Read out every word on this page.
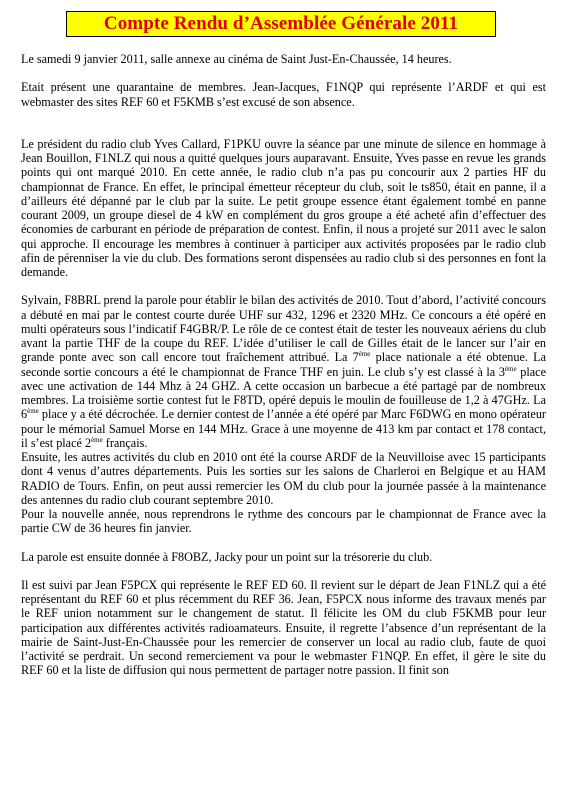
Compte Rendu d’Assemblée Générale 2011

Le samedi 9 janvier 2011, salle annexe au cinéma de Saint Just-En-Chaussée, 14 heures.

Etait présent une quarantaine de membres. Jean-Jacques, F1NQP qui représente l’ARDF et qui est webmaster des sites REF 60 et F5KMB s’est excusé de son absence.

Le président du radio club Yves Callard, F1PKU ouvre la séance par une minute de silence en hommage à Jean Bouillon, F1NLZ qui nous a quitté quelques jours auparavant. Ensuite, Yves passe en revue les grands points qui ont marqué 2010. En cette année, le radio club n’a pas pu concourir aux 2 parties HF du championnat de France. En effet, le principal émetteur récepteur du club, soit le ts850, était en panne, il a d’ailleurs été dépanné par le club par la suite. Le petit groupe essence étant également tombé en panne courant 2009, un groupe diesel de 4 kW en complément du gros groupe a été acheté afin d’effectuer des économies de carburant en période de préparation de contest. Enfin, il nous a projeté sur 2011 avec le salon qui approche. Il encourage les membres à continuer à participer aux activités proposées par le radio club afin de pérenniser la vie du club. Des formations seront dispensées au radio club si des personnes en font la demande.

Sylvain, F8BRL prend la parole pour établir le bilan des activités de 2010. Tout d’abord, l’activité concours a débuté en mai par le contest courte durée UHF sur 432, 1296 et 2320 MHz. Ce concours a été opéré en multi opérateurs sous l’indicatif F4GBR/P. Le rôle de ce contest était de tester les nouveaux aériens du club avant la partie THF de la coupe du REF. L’idée d’utiliser le call de Gilles était de le lancer sur l’air en grande ponte avec son call encore tout fraîchement attribué. La 7ème place nationale a été obtenue. La seconde sortie concours a été le championnat de France THF en juin. Le club s’y est classé à la 3ème place avec une activation de 144 Mhz à 24 GHZ. A cette occasion un barbecue a été partagé par de nombreux membres. La troisième sortie contest fut le F8TD, opéré depuis le moulin de fouilleuse de 1,2 à 47GHz. La 6ème place y a été décrochée. Le dernier contest de l’année a été opéré par Marc F6DWG en mono opérateur pour le mémorial Samuel Morse en 144 MHz. Grace à une moyenne de 413 km par contact et 178 contact, il s’est placé 2ème français.

Ensuite, les autres activités du club en 2010 ont été la course ARDF de la Neuvilloise avec 15 participants dont 4 venus d’autres départements. Puis les sorties sur les salons de Charleroi en Belgique et au HAM RADIO de Tours. Enfin, on peut aussi remercier les OM du club pour la journée passée à la maintenance des antennes du radio club courant septembre 2010.

Pour la nouvelle année, nous reprendrons le rythme des concours par le championnat de France avec la partie CW de 36 heures fin janvier.

La parole est ensuite donnée à F8OBZ, Jacky pour un point sur la trésorerie du club.

Il est suivi par Jean F5PCX qui représente le REF ED 60. Il revient sur le départ de Jean F1NLZ qui a été représentant du REF 60 et plus récemment du REF 36. Jean, F5PCX nous informe des travaux menés par le REF union notamment sur le changement de statut. Il félicite les OM du club F5KMB pour leur participation aux différentes activités radioamateurs. Ensuite, il regrette l’absence d’un représentant de la mairie de Saint-Just-En-Chaussée pour les remercier de conserver un local au radio club, faute de quoi l’activité se perdrait. Un second remerciement va pour le webmaster F1NQP. En effet, il gère le site du REF 60 et la liste de diffusion qui nous permettent de partager notre passion. Il finit son
